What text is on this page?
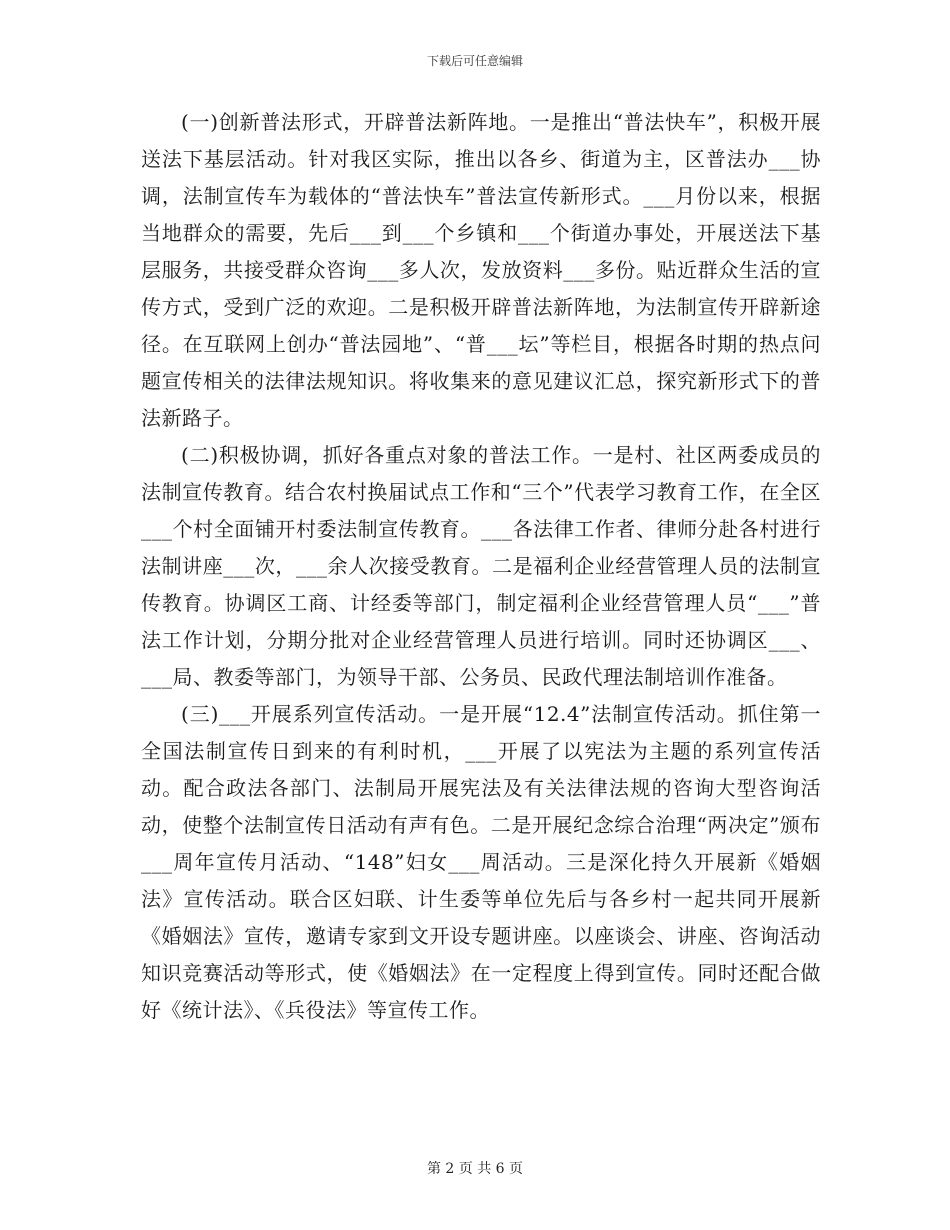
下载后可任意编辑

(一)创新普法形式，开辟普法新阵地。一是推出“普法快车”，积极开展送法下基层活动。针对我区实际，推出以各乡、街道为主，区普法办___协调，法制宣传车为载体的“普法快车”普法宣传新形式。___月份以来，根据当地群众的需要，先后___到___个乡镇和___个街道办事处，开展送法下基层服务，共接受群众咨询___多人次，发放资料___多份。贴近群众生活的宣传方式，受到广泛的欢迎。二是积极开辟普法新阵地，为法制宣传开辟新途径。在互联网上创办“普法园地”、“普___坛”等栏目，根据各时期的热点问题宣传相关的法律法规知识。将收集来的意见建议汇总，探究新形式下的普法新路子。

(二)积极协调，抓好各重点对象的普法工作。一是村、社区两委成员的法制宣传教育。结合农村换届试点工作和“三个”代表学习教育工作，在全区___个村全面铺开村委法制宣传教育。___各法律工作者、律师分赴各村进行法制讲座___次，___余人次接受教育。二是福利企业经营管理人员的法制宣传教育。协调区工商、计经委等部门，制定福利企业经营管理人员“___”普法工作计划，分期分批对企业经营管理人员进行培训。同时还协调区___、___局、教委等部门，为领导干部、公务员、民政代理法制培训作准备。

(三)___开展系列宣传活动。一是开展“12.4”法制宣传活动。抓住第一全国法制宣传日到来的有利时机，___开展了以宪法为主题的系列宣传活动。配合政法各部门、法制局开展宪法及有关法律法规的咨询大型咨询活动，使整个法制宣传日活动有声有色。二是开展纪念综合治理“两决定”颁布___周年宣传月活动、“148”妇女___周活动。三是深化持久开展新《婚姻法》宣传活动。联合区妇联、计生委等单位先后与各乡村一起共同开展新《婚姻法》宣传，邀请专家到文开设专题讲座。以座谈会、讲座、咨询活动知识竞赛活动等形式，使《婚姻法》在一定程度上得到宣传。同时还配合做好《统计法》、《兵役法》等宣传工作。

第 2 页 共 6 页
